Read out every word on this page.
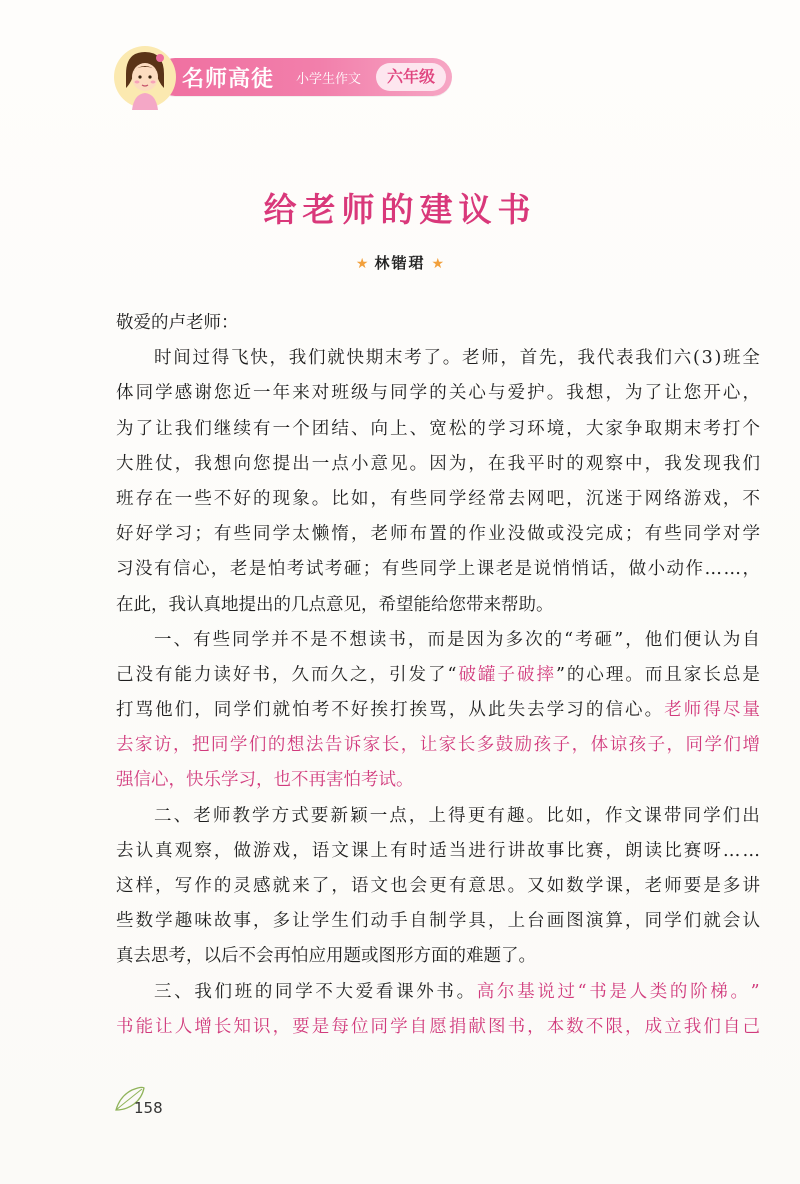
名师高徒 小学生作文	六年级
给老师的建议书
★ 林锴珺 ★
敬爱的卢老师：
时 间 过 得 飞 快 ， 我 们 就 快 期 末 考 了 。 老 师 ， 首 先 ， 我 代 表 我 们 六 ( 3 ) 班 全
体 同 学 感 谢 您 近 一 年 来 对 班 级 与 同 学 的 关 心 与 爱 护 。 我 想 ， 为 了 让 您 开 心 ，
为 了 让 我 们 继 续 有 一 个 团 结 、 向 上 、 宽 松 的 学 习 环 境 ， 大 家 争 取 期 末 考 打 个
大 胜 仗 ， 我 想 向 您 提 出 一 点 小 意 见 。 因 为 ， 在 我 平 时 的 观 察 中 ， 我 发 现 我 们
班 存 在 一 些 不 好 的 现 象 。 比 如 ， 有 些 同 学 经 常 去 网 吧 ， 沉 迷 于 网 络 游 戏 ， 不
好 好 学 习 ； 有 些 同 学 太 懒 惰 ， 老 师 布 置 的 作 业 没 做 或 没 完 成 ； 有 些 同 学 对 学
习 没 有 信 心 ， 老 是 怕 考 试 考 砸 ； 有 些 同 学 上 课 老 是 说 悄 悄 话 ， 做 小 动 作 … … ，
在此，我认真地提出的几点意见，希望能给您带来帮助。
一 、 有 些 同 学 并 不 是 不 想 读 书 ， 而 是 因 为 多 次 的 “ 考 砸 ” ， 他 们 便 认 为 自
己 没 有 能 力 读 好 书 ， 久 而 久 之 ， 引 发 了 “ 破 罐 子 破 摔 ” 的 心 理 。 而 且 家 长 总 是
打 骂 他 们 ， 同 学 们 就 怕 考 不 好 挨 打 挨 骂 ， 从 此 失 去 学 习 的 信 心 。 老 师 得 尽 量
去 家 访 ， 把 同 学 们 的 想 法 告 诉 家 长 ， 让 家 长 多 鼓 励 孩 子 ， 体 谅 孩 子 ， 同 学 们 增
强信心，快乐学习，也不再害怕考试。
二 、 老 师 教 学 方 式 要 新 颖 一 点 ， 上 得 更 有 趣 。 比 如 ， 作 文 课 带 同 学 们 出
去 认 真 观 察 ， 做 游 戏 ， 语 文 课 上 有 时 适 当 进 行 讲 故 事 比 赛 ， 朗 读 比 赛 呀 … …
这 样 ， 写 作 的 灵 感 就 来 了 ， 语 文 也 会 更 有 意 思 。 又 如 数 学 课 ， 老 师 要 是 多 讲
些 数 学 趣 味 故 事 ， 多 让 学 生 们 动 手 自 制 学 具 ， 上 台 画 图 演 算 ， 同 学 们 就 会 认
真去思考，以后不会再怕应用题或图形方面的难题了。
三 、 我 们 班 的 同 学 不 大 爱 看 课 外 书 。 高 尔 基 说 过 “ 书 是 人 类 的 阶 梯 。 ”
书 能 让 人 增 长 知 识 ， 要 是 每 位 同 学 自 愿 捐 献 图 书 ， 本 数 不 限 ， 成 立 我 们 自 己
158
